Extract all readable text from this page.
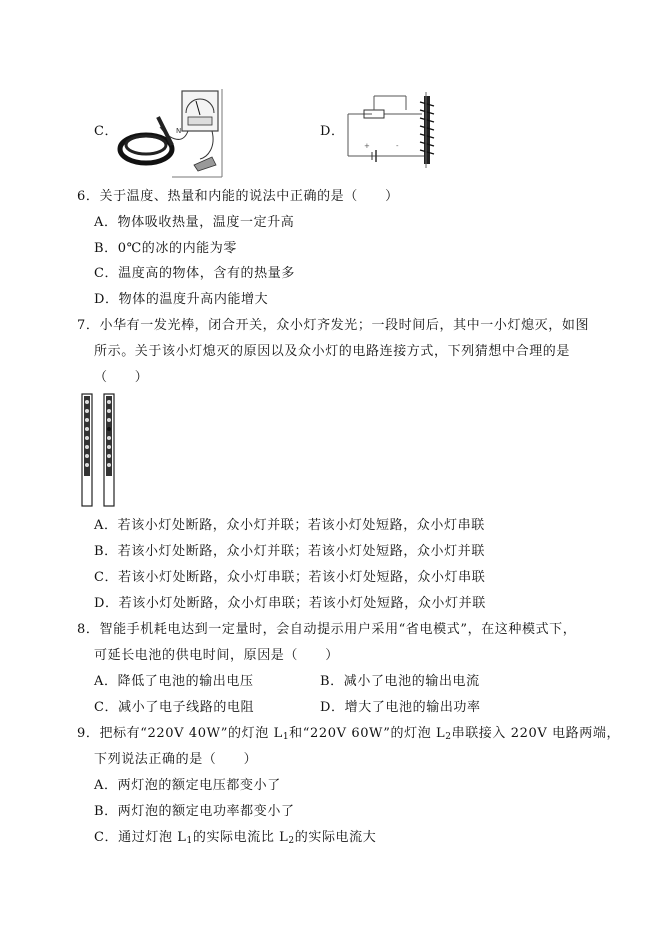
C．	N	D．
+	-
6．关于温度、热量和内能的说法中正确的是（　　）
A．物体吸收热量，温度一定升高
B．0℃的冰的内能为零
C．温度高的物体，含有的热量多
D．物体的温度升高内能增大
7．小华有一发光棒，闭合开关，众小灯齐发光；一段时间后，其中一小灯熄灭，如图
所示。关于该小灯熄灭的原因以及众小灯的电路连接方式，下列猜想中合理的是
（　　）
A．若该小灯处断路，众小灯并联；若该小灯处短路，众小灯串联
B．若该小灯处断路，众小灯并联；若该小灯处短路，众小灯并联
C．若该小灯处断路，众小灯串联；若该小灯处短路，众小灯串联
D．若该小灯处断路，众小灯串联；若该小灯处短路，众小灯并联
8．智能手机耗电达到一定量时，会自动提示用户采用“省电模式”，在这种模式下，
可延长电池的供电时间，原因是（　　）
A．降低了电池的输出电压	B．减小了电池的输出电流
C．减小了电子线路的电阻	D．增大了电池的输出功率
9．把标有“220V 40W”的灯泡 $L_1$和“220V 60W”的灯泡 $L_2$串联接入 220V 电路两端，
下列说法正确的是（　　）
A．两灯泡的额定电压都变小了
B．两灯泡的额定电功率都变小了
C．通过灯泡 $L_1$的实际电流比 $L_2$的实际电流大
